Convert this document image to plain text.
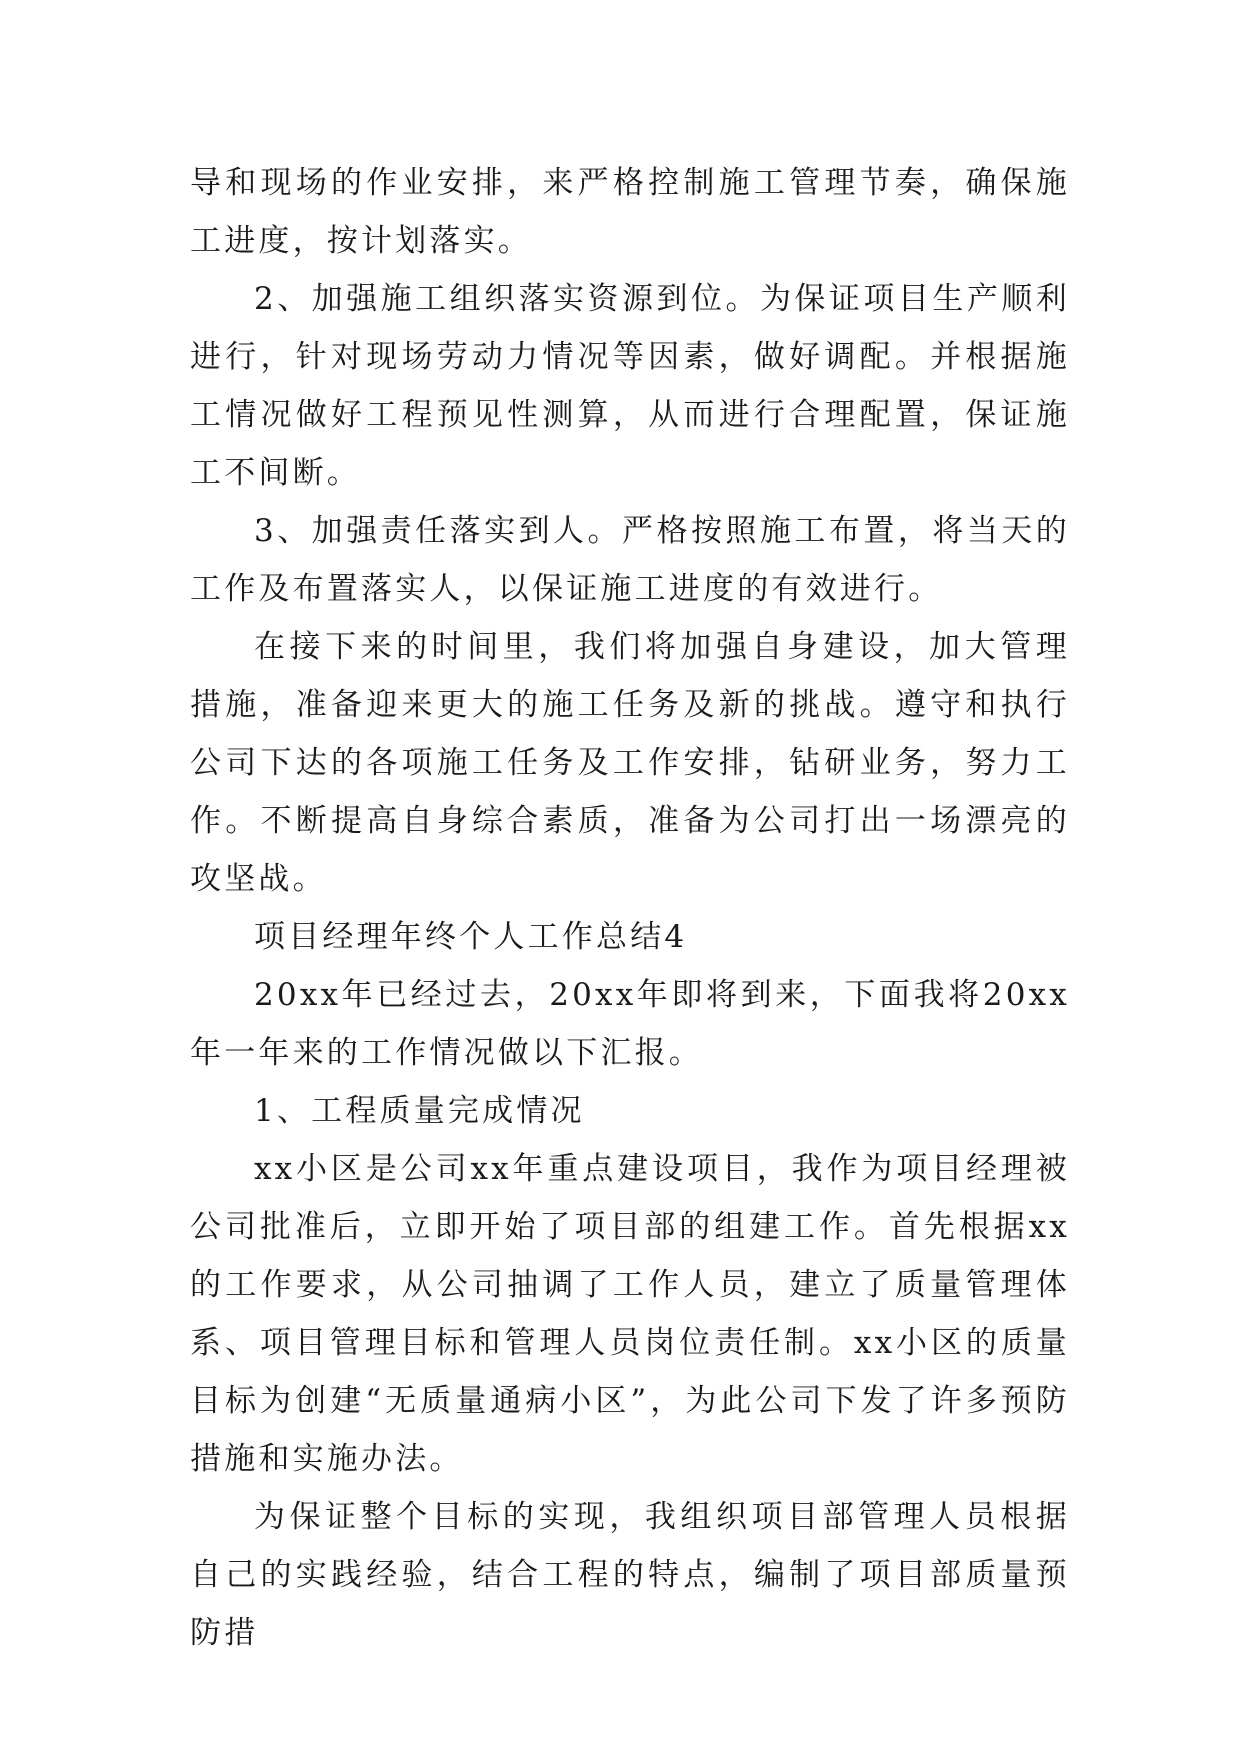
导和现场的作业安排，来严格控制施工管理节奏，确保施工进度，按计划落实。

2、加强施工组织落实资源到位。为保证项目生产顺利进行，针对现场劳动力情况等因素，做好调配。并根据施工情况做好工程预见性测算，从而进行合理配置，保证施工不间断。

3、加强责任落实到人。严格按照施工布置，将当天的工作及布置落实人，以保证施工进度的有效进行。

在接下来的时间里，我们将加强自身建设，加大管理措施，准备迎来更大的施工任务及新的挑战。遵守和执行公司下达的各项施工任务及工作安排，钻研业务，努力工作。不断提高自身综合素质，准备为公司打出一场漂亮的攻坚战。

项目经理年终个人工作总结4

20xx年已经过去，20xx年即将到来，下面我将20xx年一年来的工作情况做以下汇报。

1、工程质量完成情况

xx小区是公司xx年重点建设项目，我作为项目经理被公司批准后，立即开始了项目部的组建工作。首先根据xx的工作要求，从公司抽调了工作人员，建立了质量管理体系、项目管理目标和管理人员岗位责任制。xx小区的质量目标为创建“无质量通病小区”，为此公司下发了许多预防措施和实施办法。

为保证整个目标的实现，我组织项目部管理人员根据自己的实践经验，结合工程的特点，编制了项目部质量预防措
